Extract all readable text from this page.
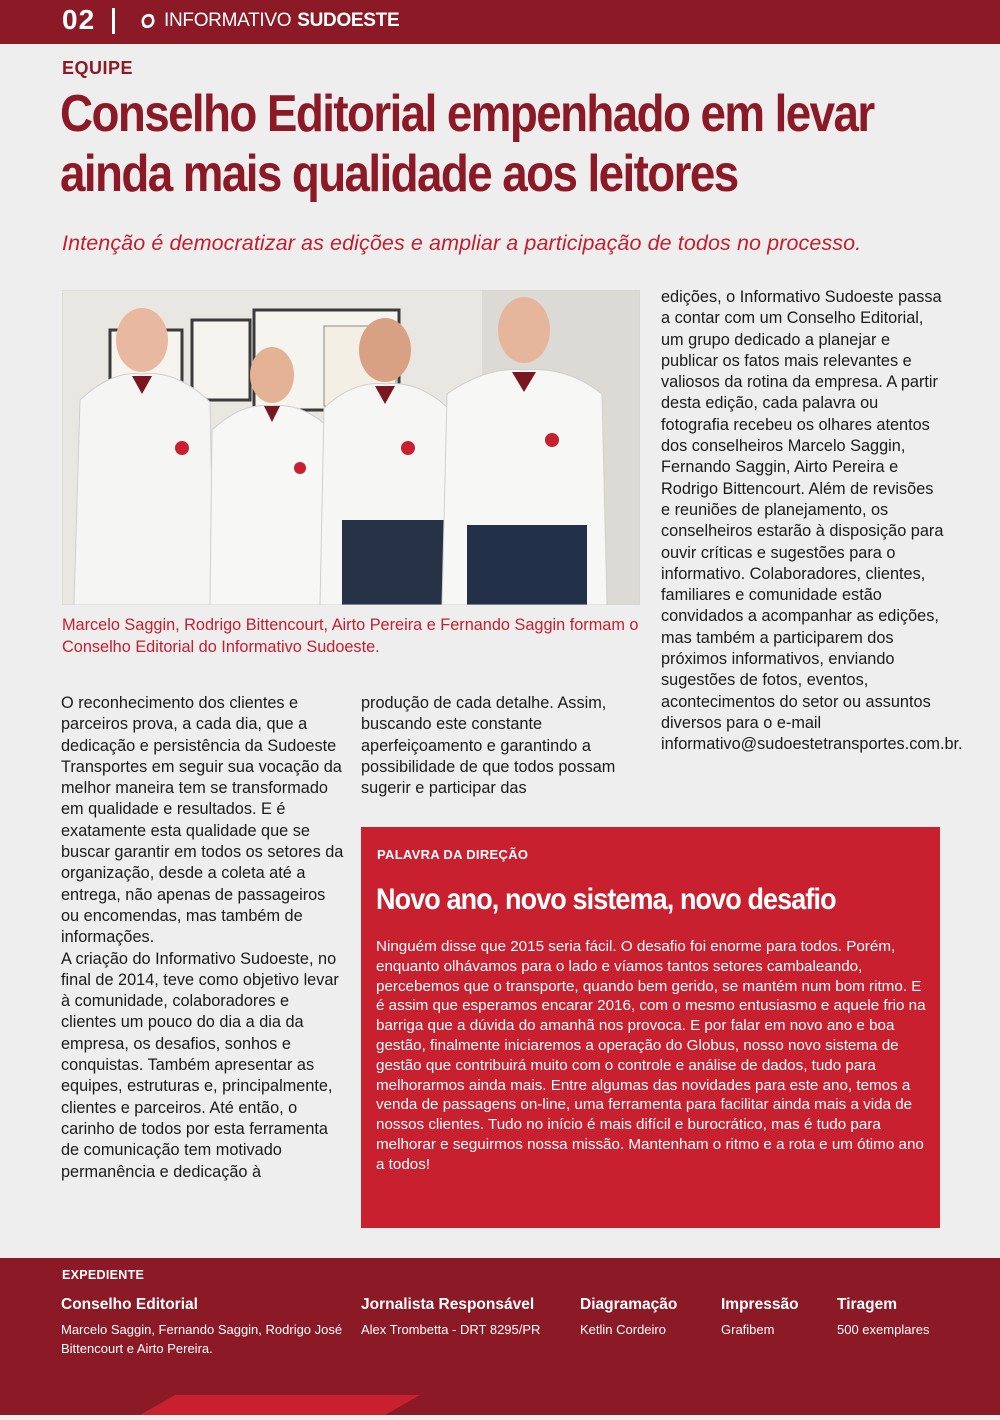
02	INFORMATIVO SUDOESTE
EQUIPE
Conselho Editorial empenhado em levar ainda mais qualidade aos leitores
Intenção é democratizar as edições e ampliar a participação de todos no processo.
Marcelo Saggin, Rodrigo Bittencourt, Airto Pereira e Fernando Saggin formam o Conselho Editorial do Informativo Sudoeste.

O reconhecimento dos clientes e parceiros prova, a cada dia, que a dedicação e persistência da Sudoeste Transportes em seguir sua vocação da melhor maneira tem se transformado em qualidade e resultados. E é exatamente esta qualidade que se buscar garantir em todos os setores da organização, desde a coleta até a entrega, não apenas de passageiros ou encomendas, mas também de informações.

A criação do Informativo Sudoeste, no final de 2014, teve como objetivo levar à comunidade, colaboradores e clientes um pouco do dia a dia da empresa, os desafios, sonhos e conquistas. Também apresentar as equipes, estruturas e, principalmente, clientes e parceiros. Até então, o carinho de todos por esta ferramenta de comunicação tem motivado permanência e dedicação à

produção de cada detalhe. Assim, buscando este constante aperfeiçoamento e garantindo a possibilidade de que todos possam sugerir e participar das

edições, o Informativo Sudoeste passa a contar com um Conselho Editorial, um grupo dedicado a planejar e publicar os fatos mais relevantes e valiosos da rotina da empresa. A partir desta edição, cada palavra ou fotografia recebeu os olhares atentos dos conselheiros Marcelo Saggin, Fernando Saggin, Airto Pereira e Rodrigo Bittencourt. Além de revisões e reuniões de planejamento, os conselheiros estarão à disposição para ouvir críticas e sugestões para o informativo. Colaboradores, clientes, familiares e comunidade estão convidados a acompanhar as edições, mas também a participarem dos próximos informativos, enviando sugestões de fotos, eventos, acontecimentos do setor ou assuntos diversos para o e-mail informativo@sudoestetransportes.com.br.

PALAVRA DA DIREÇÃO
Novo ano, novo sistema, novo desafio
Ninguém disse que 2015 seria fácil. O desafio foi enorme para todos. Porém, enquanto olhávamos para o lado e víamos tantos setores cambaleando, percebemos que o transporte, quando bem gerido, se mantém num bom ritmo. E é assim que esperamos encarar 2016, com o mesmo entusiasmo e aquele frio na barriga que a dúvida do amanhã nos provoca. E por falar em novo ano e boa gestão, finalmente iniciaremos a operação do Globus, nosso novo sistema de gestão que contribuirá muito com o controle e análise de dados, tudo para melhorarmos ainda mais. Entre algumas das novidades para este ano, temos a venda de passagens on-line, uma ferramenta para facilitar ainda mais a vida de nossos clientes. Tudo no início é mais difícil e burocrático, mas é tudo para melhorar e seguirmos nossa missão. Mantenham o ritmo e a rota e um ótimo ano a todos!
EXPEDIENTE
Conselho Editorial
Marcelo Saggin, Fernando Saggin, Rodrigo José Bittencourt e Airto Pereira.
Jornalista Responsável
Alex Trombetta - DRT 8295/PR
Diagramação
Ketlin Cordeiro
Impressão
Grafibem
Tiragem
500 exemplares
